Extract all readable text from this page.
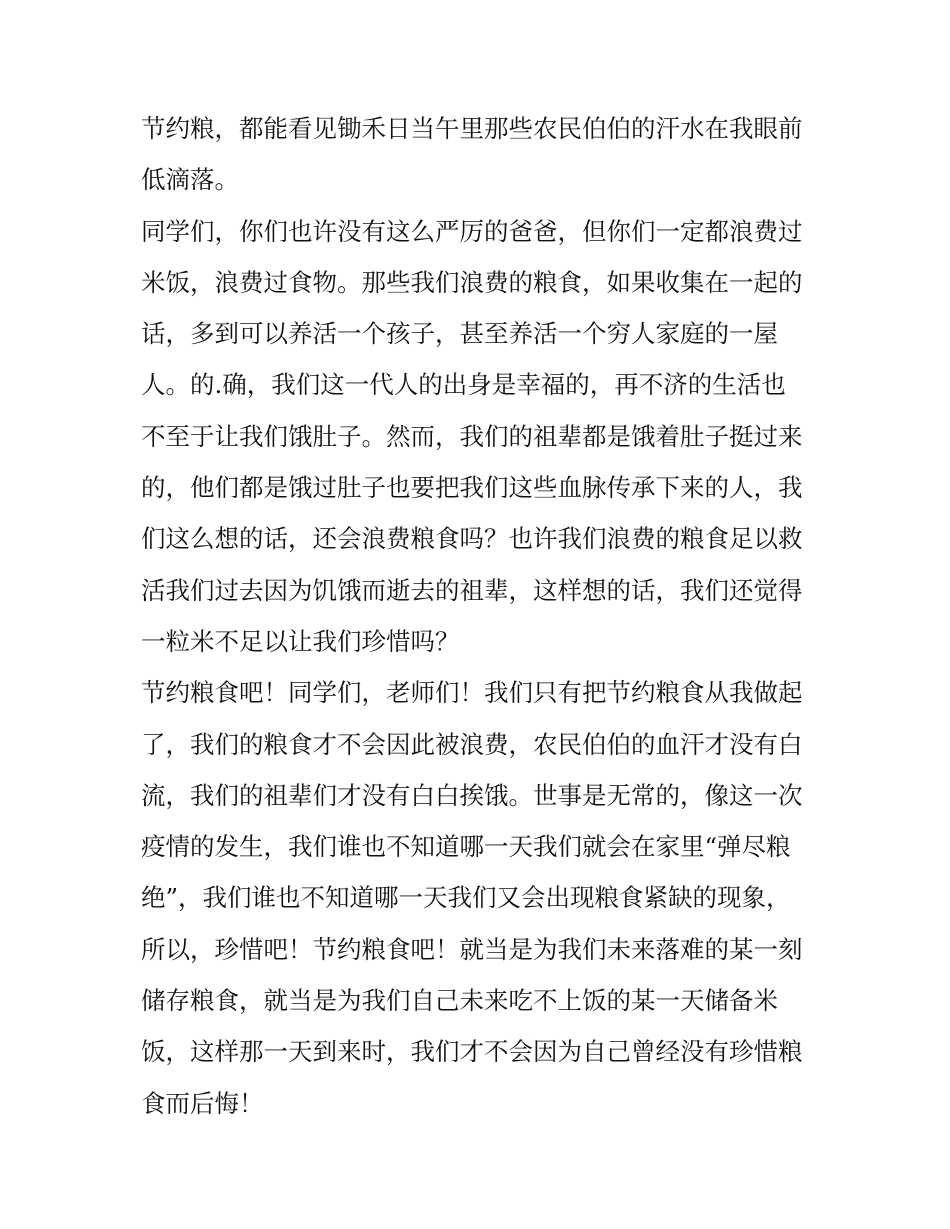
节约粮，都能看见锄禾日当午里那些农民伯伯的汗水在我眼前
低滴落。
同学们，你们也许没有这么严厉的爸爸，但你们一定都浪费过
米饭，浪费过食物。那些我们浪费的粮食，如果收集在一起的
话，多到可以养活一个孩子，甚至养活一个穷人家庭的一屋
人。的.确，我们这一代人的出身是幸福的，再不济的生活也
不至于让我们饿肚子。然而，我们的祖辈都是饿着肚子挺过来
的，他们都是饿过肚子也要把我们这些血脉传承下来的人，我
们这么想的话，还会浪费粮食吗？也许我们浪费的粮食足以救
活我们过去因为饥饿而逝去的祖辈，这样想的话，我们还觉得
一粒米不足以让我们珍惜吗？
节约粮食吧！同学们，老师们！我们只有把节约粮食从我做起
了，我们的粮食才不会因此被浪费，农民伯伯的血汗才没有白
流，我们的祖辈们才没有白白挨饿。世事是无常的，像这一次
疫情的发生，我们谁也不知道哪一天我们就会在家里“弹尽粮
绝”，我们谁也不知道哪一天我们又会出现粮食紧缺的现象，
所以，珍惜吧！节约粮食吧！就当是为我们未来落难的某一刻
储存粮食，就当是为我们自己未来吃不上饭的某一天储备米
饭，这样那一天到来时，我们才不会因为自己曾经没有珍惜粮
食而后悔！
